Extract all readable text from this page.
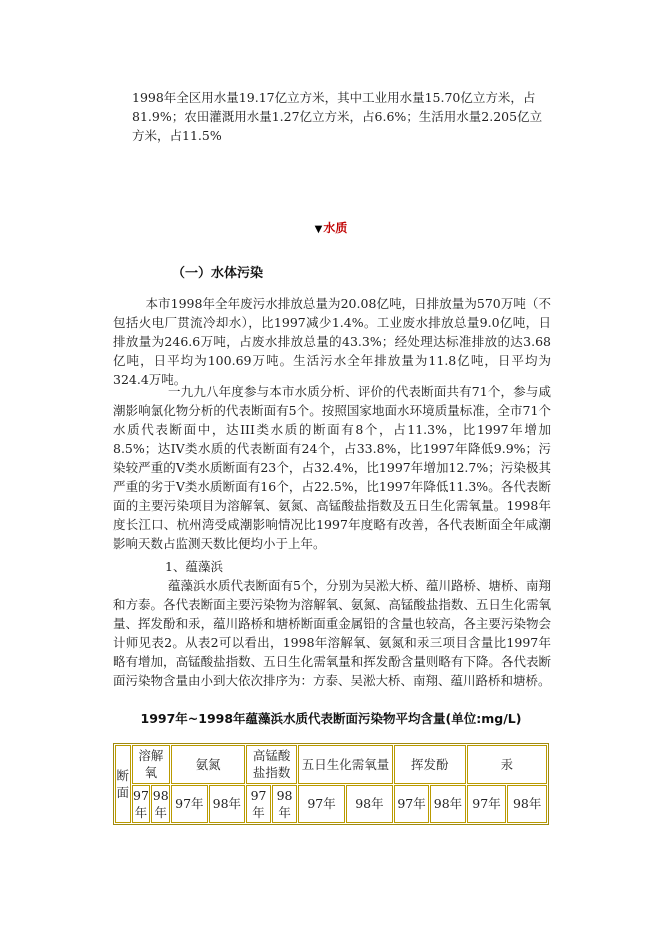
1998年全区用水量19.17亿立方米，其中工业用水量15.70亿立方米，占81.9%；农田灌溉用水量1.27亿立方米，占6.6%；生活用水量2.205亿立方米，占11.5%
▼水质
（一）水体污染
本市1998年全年废污水排放总量为20.08亿吨，日排放量为570万吨（不包括火电厂贯流冷却水），比1997减少1.4%。工业废水排放总量9.0亿吨，日排放量为246.6万吨，占废水排放总量的43.3%；经处理达标准排放的达3.68亿吨，日平均为100.69万吨。生活污水全年排放量为11.8亿吨，日平均为324.4万吨。
一九九八年度参与本市水质分析、评价的代表断面共有71个，参与咸潮影响氯化物分析的代表断面有5个。按照国家地面水环境质量标准，全市71个水质代表断面中，达III类水质的断面有8个，占11.3%，比1997年增加8.5%；达IV类水质的代表断面有24个，占33.8%，比1997年降低9.9%；污染较严重的V类水质断面有23个，占32.4%，比1997年增加12.7%；污染极其严重的劣于V类水质断面有16个，占22.5%，比1997年降低11.3%。各代表断面的主要污染项目为溶解氧、氨氮、高锰酸盐指数及五日生化需氧量。1998年度长江口、杭州湾受咸潮影响情况比1997年度略有改善，各代表断面全年咸潮影响天数占监测天数比便均小于上年。
1、蕴藻浜
蕴藻浜水质代表断面有5个，分别为吴淞大桥、蕴川路桥、塘桥、南翔和方泰。各代表断面主要污染物为溶解氧、氨氮、高锰酸盐指数、五日生化需氧量、挥发酚和汞，蕴川路桥和塘桥断面重金属铅的含量也较高，各主要污染物会计师见表2。从表2可以看出，1998年溶解氧、氨氮和汞三项目含量比1997年略有增加，高锰酸盐指数、五日生化需氧量和挥发酚含量则略有下降。各代表断面污染物含量由小到大依次排序为：方泰、吴淞大桥、南翔、蕴川路桥和塘桥。
1997年~1998年蕴藻浜水质代表断面污染物平均含量(单位:mg/L)
断面	溶解氧		氨氮		高锰酸盐指数		五日生化需氧量		挥发酚		汞	
	97年	98年	97年	98年	97年	98年	97年	98年	97年	98年	97年	98年
